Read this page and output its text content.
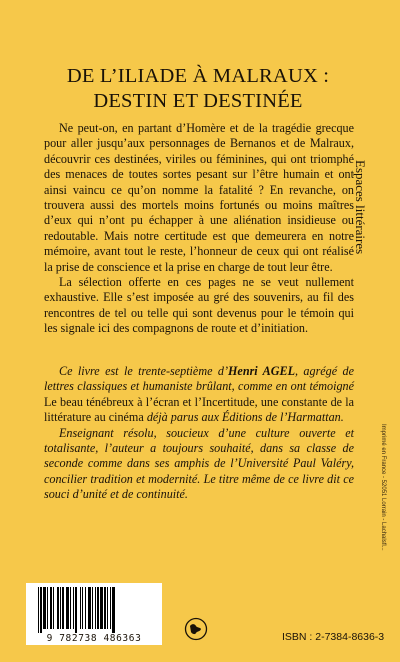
DE L’ILIADE À MALRAUX :
DESTIN ET DESTINÉE
Espaces littéraires

Ne peut-on, en partant d’Homère et de la tragédie grecque pour aller jusqu’aux personnages de Bernanos et de Malraux, découvrir ces destinées, viriles ou féminines, qui ont triomphé des menaces de toutes sortes pesant sur l’être humain et ont ainsi vaincu ce qu’on nomme la fatalité ? En revanche, on trouvera aussi des mortels moins fortunés ou moins maîtres d’eux qui n’ont pu échapper à une aliénation insidieuse ou redoutable. Mais notre certitude est que demeurera en notre mémoire, avant tout le reste, l’honneur de ceux qui ont réalisé la prise de conscience et la prise en charge de tout leur être.

La sélection offerte en ces pages ne se veut nullement exhaustive. Elle s’est imposée au gré des souvenirs, au fil des rencontres de tel ou telle qui sont devenus pour le témoin qui les signale ici des compagnons de route et d’initiation.

Ce livre est le trente-septième d’Henri AGEL, agrégé de lettres classiques et humaniste brûlant, comme en ont témoigné Le beau ténébreux à l’écran et l’Incertitude, une constante de la littérature au cinéma déjà parus aux Éditions de l’Harmattan.

Enseignant résolu, soucieux d’une culture ouverte et totalisante, l’auteur a toujours souhaité, dans sa classe de seconde comme dans ses amphis de l’Université Paul Valéry, concilier tradition et modernité. Le titre même de ce livre dit ce souci d’unité et de continuité.

9 782738 486363	ISBN : 2-7384-8636-3
Imprimé en France - 52051 Lorrain - Lachalsfl...
